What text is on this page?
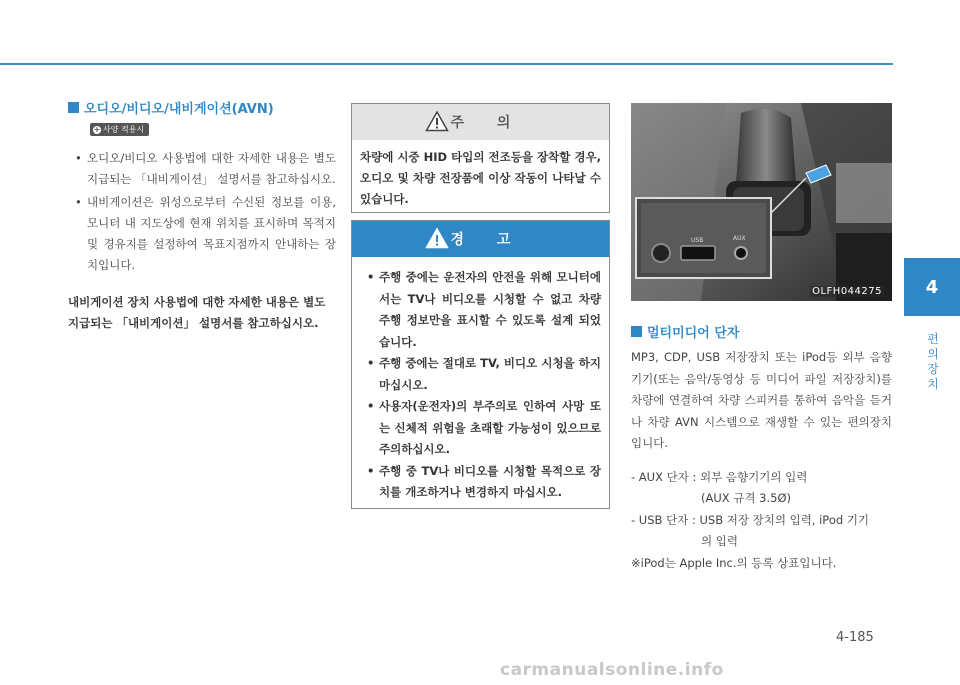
오디오/비디오/내비게이션(AVN)
+ 사양 적용시
• 오디오/비디오 사용법에 대한 자세한 내용은 별도 지급되는 「내비게이션」 설명서를 참고하십시오.
• 내비게이션은 위성으로부터 수신된 정보를 이용, 모니터 내 지도상에 현재 위치를 표시하며 목적지 및 경유지를 설정하여 목표지점까지 안내하는 장치입니다.
내비게이션 장치 사용법에 대한 자세한 내용은 별도 지급되는 「내비게이션」 설명서를 참고하십시오.
주 의
차량에 시중 HID 타입의 전조등을 장착할 경우, 오디오 및 차량 전장품에 이상 작동이 나타날 수 있습니다.
경 고
• 주행 중에는 운전자의 안전을 위해 모니터에서는 TV나 비디오를 시청할 수 없고 차량 주행 정보만을 표시할 수 있도록 설계 되었습니다.
• 주행 중에는 절대로 TV, 비디오 시청을 하지 마십시오.
• 사용자(운전자)의 부주의로 인하여 사망 또는 신체적 위험을 초래할 가능성이 있으므로 주의하십시오.
• 주행 중 TV나 비디오를 시청할 목적으로 장치를 개조하거나 변경하지 마십시오.
USB	AUX
OLFH044275
멀티미디어 단자
MP3, CDP, USB 저장장치 또는 iPod등 외부 음향 기기(또는 음악/동영상 등 미디어 파일 저장장치)를 차량에 연결하여 차량 스피커를 통하여 음악을 듣거나 차량 AVN 시스템으로 재생할 수 있는 편의장치 입니다.
- AUX 단자 : 외부 음향기기의 입력
(AUX 규격 3.5Ø)
- USB 단자 : USB 저장 장치의 입력, iPod 기기
의 입력
※iPod는 Apple Inc.의 등록 상표입니다.
4
편의 장치
4-185
carmanualsonline.info
